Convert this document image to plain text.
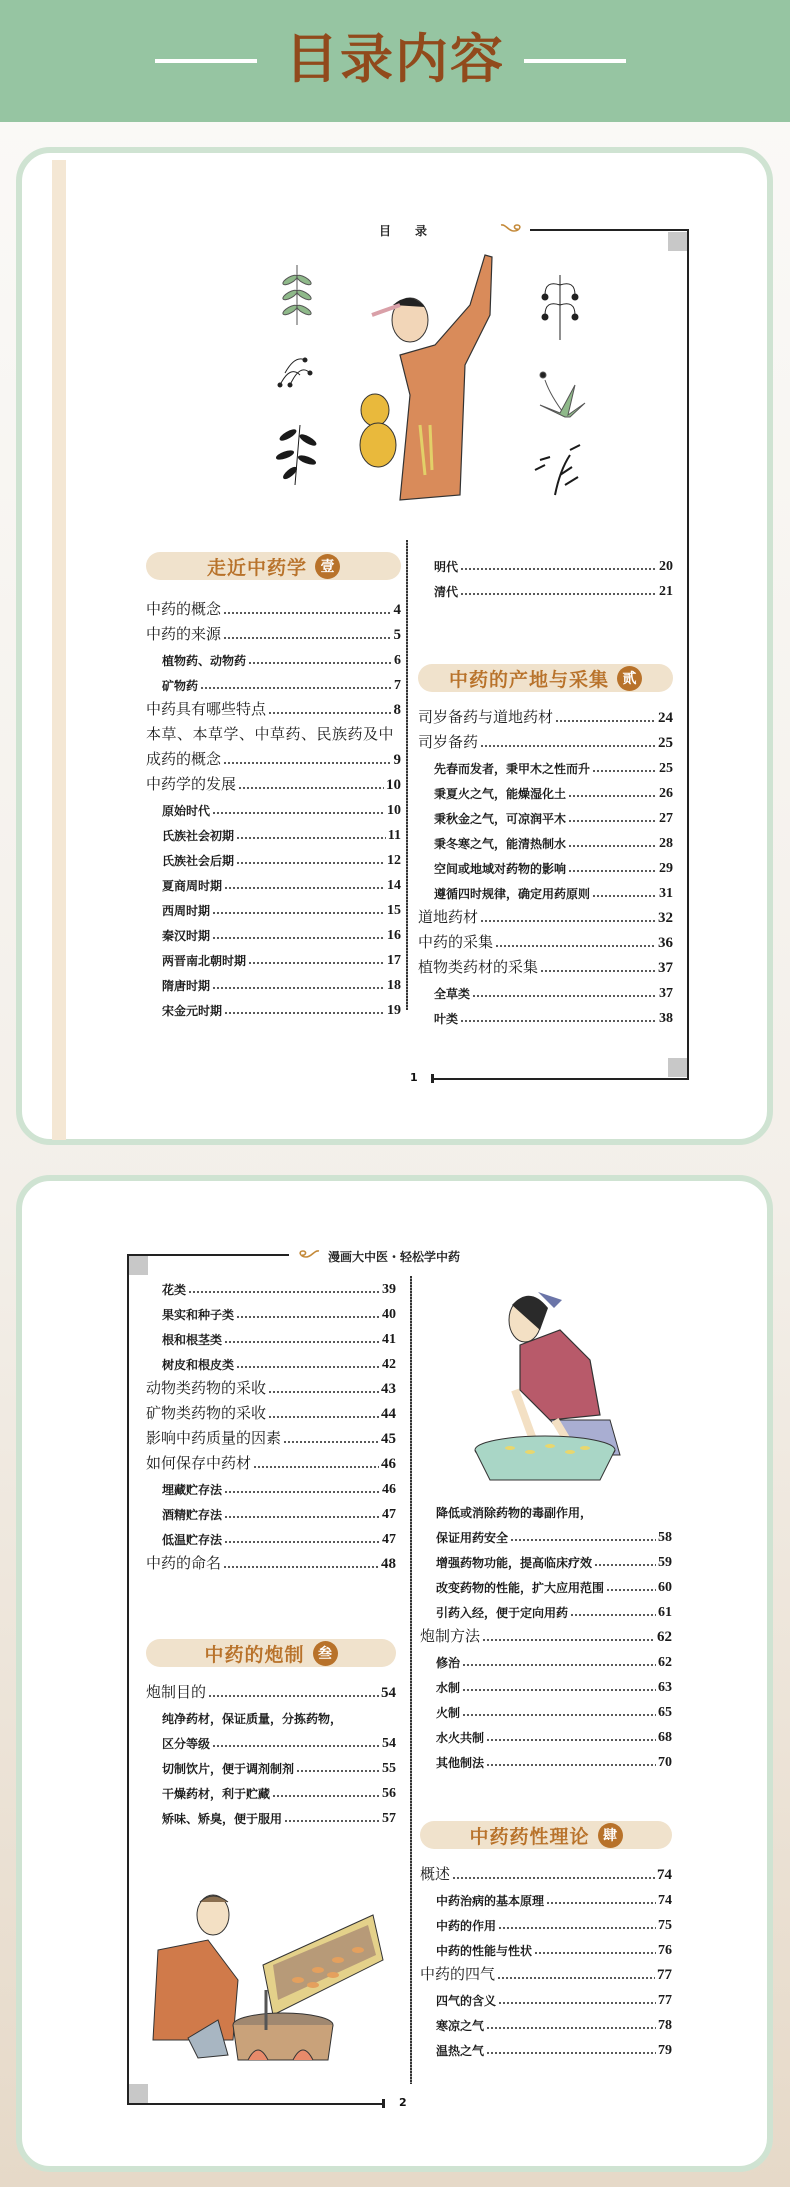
目录内容
目　　录
1
走近中药学 壹
中药的概念	4
中药的来源	5
植物药、动物药	6
矿物药	7
中药具有哪些特点	8
本草、本草学、中草药、民族药及中
成药的概念	9
中药学的发展	10
原始时代	10
氏族社会初期	11
氏族社会后期	12
夏商周时期	14
西周时期	15
秦汉时期	16
两晋南北朝时期	17
隋唐时期	18
宋金元时期	19
明代	20
清代	21
中药的产地与采集 贰
司岁备药与道地药材	24
司岁备药	25
先春而发者，秉甲木之性而升	25
秉夏火之气，能燥湿化土	26
秉秋金之气，可凉润平木	27
秉冬寒之气，能清热制水	28
空间或地域对药物的影响	29
遵循四时规律，确定用药原则	31
道地药材	32
中药的采集	36
植物类药材的采集	37
全草类	37
叶类	38
漫画大中医・轻松学中药
2
花类	39
果实和种子类	40
根和根茎类	41
树皮和根皮类	42
动物类药物的采收	43
矿物类药物的采收	44
影响中药质量的因素	45
如何保存中药材	46
埋藏贮存法	46
酒精贮存法	47
低温贮存法	47
中药的命名	48
中药的炮制 叁
炮制目的	54
纯净药材，保证质量，分拣药物，
区分等级	54
切制饮片，便于调剂制剂	55
干燥药材，利于贮藏	56
矫味、矫臭，便于服用	57
降低或消除药物的毒副作用，
保证用药安全	58
增强药物功能，提高临床疗效	59
改变药物的性能，扩大应用范围	60
引药入经，便于定向用药	61
炮制方法	62
修治	62
水制	63
火制	65
水火共制	68
其他制法	70
中药药性理论 肆
概述	74
中药治病的基本原理	74
中药的作用	75
中药的性能与性状	76
中药的四气	77
四气的含义	77
寒凉之气	78
温热之气	79
